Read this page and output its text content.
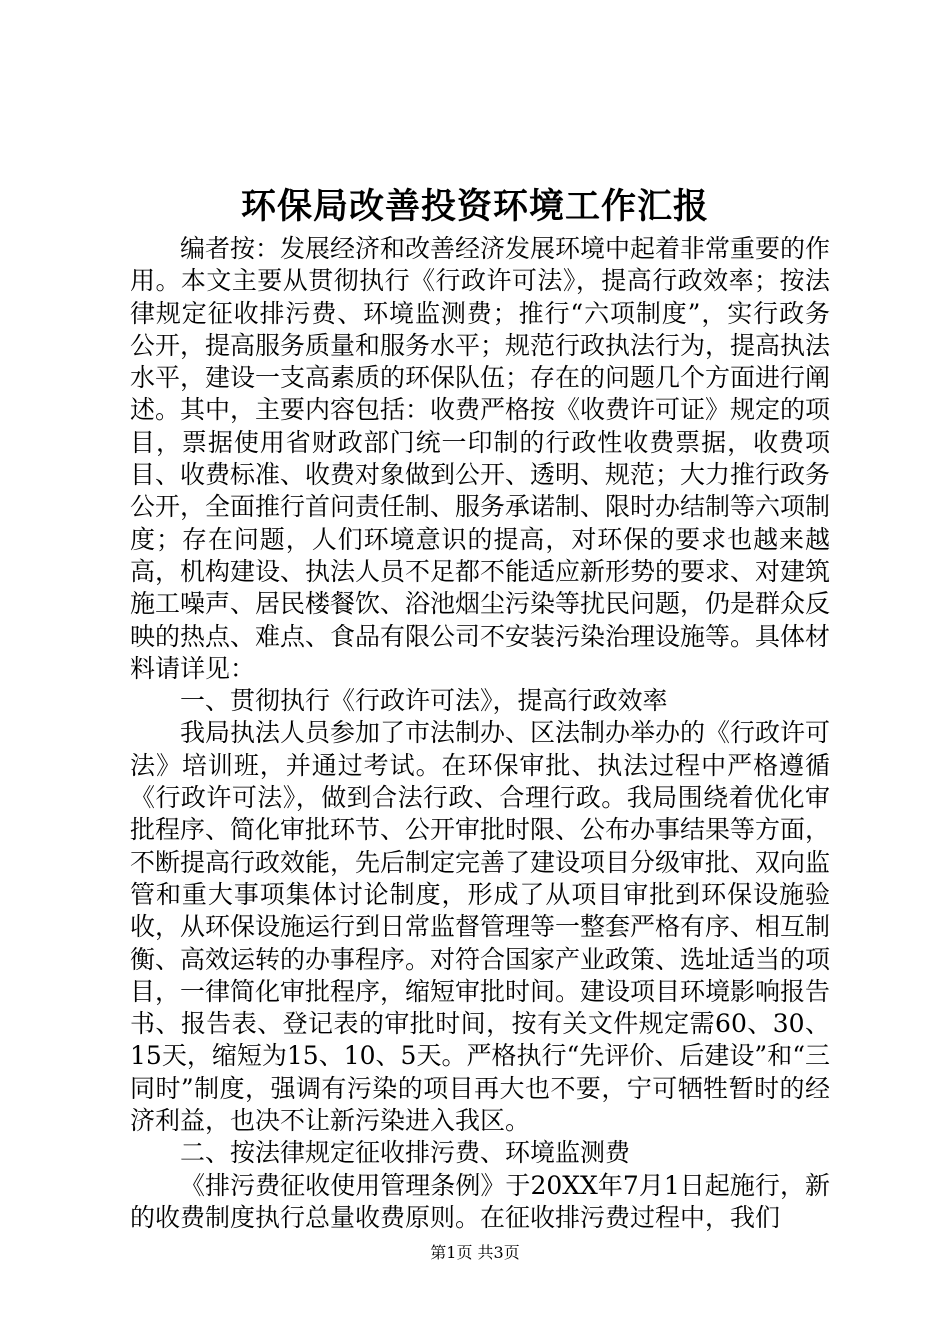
环保局改善投资环境工作汇报

编者按：发展经济和改善经济发展环境中起着非常重要的作用。本文主要从贯彻执行《行政许可法》，提高行政效率；按法律规定征收排污费、环境监测费；推行“六项制度”，实行政务公开，提高服务质量和服务水平；规范行政执法行为，提高执法水平，建设一支高素质的环保队伍；存在的问题几个方面进行阐述。其中，主要内容包括：收费严格按《收费许可证》规定的项目，票据使用省财政部门统一印制的行政性收费票据，收费项目、收费标准、收费对象做到公开、透明、规范；大力推行政务公开，全面推行首问责任制、服务承诺制、限时办结制等六项制度；存在问题，人们环境意识的提高，对环保的要求也越来越高，机构建设、执法人员不足都不能适应新形势的要求、对建筑施工噪声、居民楼餐饮、浴池烟尘污染等扰民问题，仍是群众反映的热点、难点、食品有限公司不安装污染治理设施等。具体材料请详见：

一、贯彻执行《行政许可法》，提高行政效率

我局执法人员参加了市法制办、区法制办举办的《行政许可法》培训班，并通过考试。在环保审批、执法过程中严格遵循《行政许可法》，做到合法行政、合理行政。我局围绕着优化审批程序、简化审批环节、公开审批时限、公布办事结果等方面，不断提高行政效能，先后制定完善了建设项目分级审批、双向监管和重大事项集体讨论制度，形成了从项目审批到环保设施验收，从环保设施运行到日常监督管理等一整套严格有序、相互制衡、高效运转的办事程序。对符合国家产业政策、选址适当的项目，一律简化审批程序，缩短审批时间。建设项目环境影响报告书、报告表、登记表的审批时间，按有关文件规定需60、30、15天，缩短为15、10、5天。严格执行“先评价、后建设”和“三同时”制度，强调有污染的项目再大也不要，宁可牺牲暂时的经济利益，也决不让新污染进入我区。

二、按法律规定征收排污费、环境监测费

《排污费征收使用管理条例》于20XX年7月1日起施行，新的收费制度执行总量收费原则。在征收排污费过程中，我们

第1页 共3页
